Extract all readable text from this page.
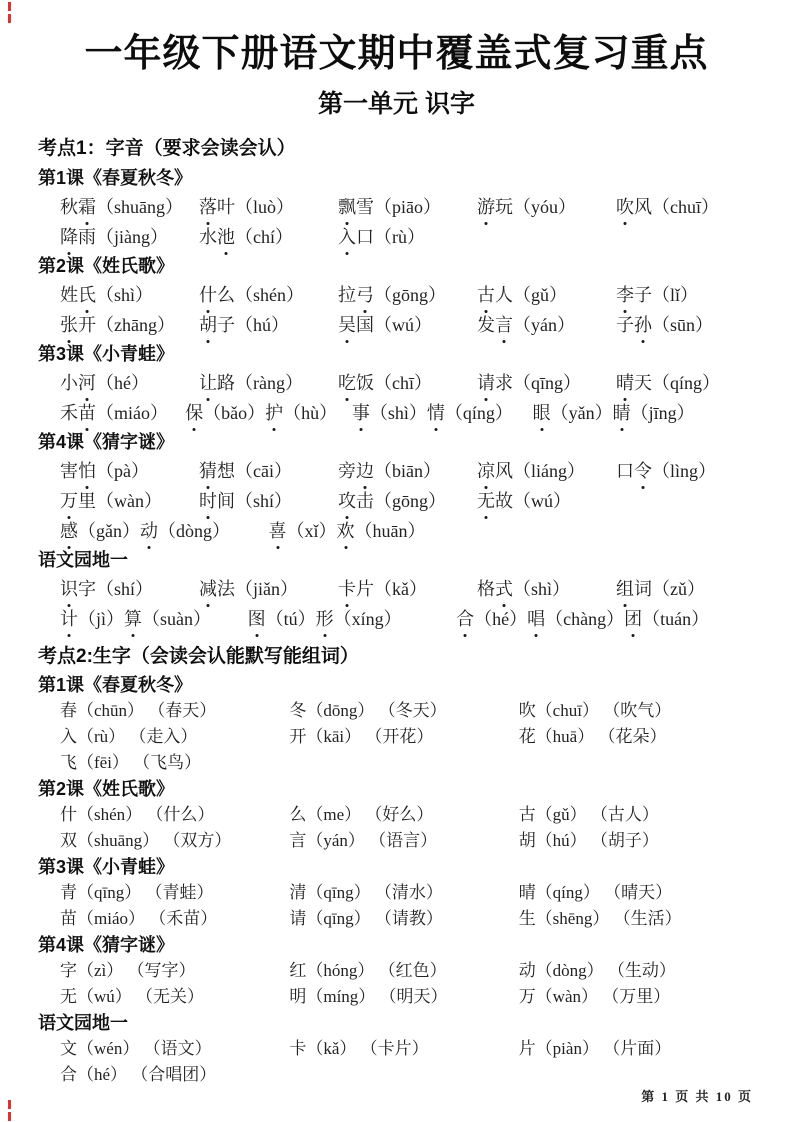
一年级下册语文期中覆盖式复习重点
第一单元 识字
考点1：字音（要求会读会认）
第1课《春夏秋冬》
秋霜（shuāng） 落叶（luò）	飘雪（piāo）	游玩（yóu）	吹风（chuī）
降雨（jiàng）	水池（chí）	入口（rù）
第2课《姓氏歌》
姓氏（shì）	什么（shén）	拉弓（gōng）	古人（gǔ）	李子（lǐ）
张开（zhāng）	胡子（hú）	吴国（wú）	发言（yán）	子孙（sūn）
第3课《小青蛙》
小河（hé）	让路（ràng）	吃饭（chī）	请求（qīng）	晴天（qíng）
禾苗（miáo） 保（bǎo）护（hù） 事（shì）情（qíng）	眼（yǎn）睛（jīng）
第4课《猜字谜》
害怕（pà）	猜想（cāi）	旁边（biān）	凉风（liáng）	口令（lìng）
万里（wàn）	时间（shí）	攻击（gōng）	无故（wú）
感（gǎn）动（dòng）	喜（xǐ）欢（huān）
语文园地一
识字（shí）	减法（jiǎn）	卡片（kǎ）	格式（shì）	组词（zǔ）
计（jì）算（suàn）	图（tú）形（xíng）	合（hé）唱（chàng）团（tuán）
考点2:生字（会读会认能默写能组词）
第1课《春夏秋冬》
春（chūn） （春天）	冬（dōng） （冬天）	吹（chuī） （吹气）
入（rù） （走入）	开（kāi） （开花）	花（huā） （花朵）
飞（fēi） （飞鸟）
第2课《姓氏歌》
什（shén） （什么）	么（me） （好么）	古（gǔ） （古人）
双（shuāng） （双方）	言（yán） （语言）	胡（hú） （胡子）
第3课《小青蛙》
青（qīng） （青蛙）	清（qīng） （清水）	晴（qíng） （晴天）
苗（miáo） （禾苗）	请（qīng） （请教）	生（shēng） （生活）
第4课《猜字谜》
字（zì） （写字）	红（hóng） （红色）	动（dòng） （生动）
无（wú） （无关）	明（míng） （明天）	万（wàn） （万里）
语文园地一
文（wén） （语文）	卡（kǎ） （卡片）	片（piàn） （片面）
合（hé） （合唱团）
第 1 页 共 10 页
